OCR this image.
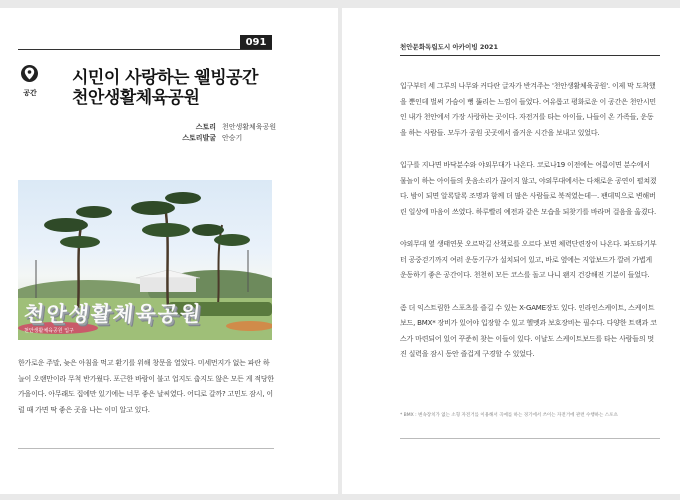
091
공간
시민이 사랑하는 웰빙공간
천안생활체육공원
스토리 천안생활체육공원
스토리발굴 안승기
천안생활체육공원
천안생활체육공원 입구

한가로운 주말, 늦은 아침을 먹고 환기를 위해 창문을 열었다. 미세먼지가 없는 파란 하늘이 오랜만이라 무척 반가웠다. 포근한 바람이 불고 업지도 춥지도 않은 모든 게 적당한 가을이다. 아무래도 집에만 있기에는 너무 좋은 날씨였다. 어디로 갈까? 고민도 잠시, 이럴 때 가면 딱 좋은 곳을 나는 이미 알고 있다.

천안문화독립도시 아카이빙 2021

입구부터 세 그루의 나무와 커다란 글자가 반겨주는 '천안생활체육공원'. 이제 막 도착했을 뿐인데 벌써 가슴이 뻥 뚫리는 느낌이 들었다. 여유롭고 평화로운 이 공간은 천안시민인 내가 천안에서 가장 사랑하는 곳이다. 자전거를 타는 아이들, 나들이 온 가족들, 운동을 하는 사람들. 모두가 공원 곳곳에서 즐거운 시간을 보내고 있었다.

입구를 지나면 바닥분수와 야외무대가 나온다. 코로나19 이전에는 여름이면 분수에서 물놀이 하는 아이들의 웃음소리가 끊이지 않고, 야외무대에서는 다채로운 공연이 펼쳐졌다. 밤이 되면 알록달록 조명과 함께 더 많은 사람들로 북적였는데···. 팬데믹으로 변해버린 일상에 마음이 쓰였다. 하루빨리 예전과 같은 모습을 되찾기를 바라며 걸음을 옮겼다.

야외무대 옆 생태연못 오르막길 산책로를 오르다 보면 체력단련장이 나온다. 파도타기부터 공중걷기까지 여러 운동기구가 설치되어 있고, 바로 옆에는 지압보드가 깔려 가볍게 운동하기 좋은 공간이다. 천천히 모든 코스를 돌고 나니 왠지 건강해진 기분이 들었다.

좀 더 익스트림한 스포츠를 즐길 수 있는 X-GAME장도 있다. 인라인스케이트, 스케이트보드, BMX* 장비가 있어야 입장할 수 있고 헬멧과 보호장비는 필수다. 다양한 트랙과 코스가 마련되어 있어 꾸준히 찾는 이들이 있다. 이날도 스케이트보드를 타는 사람들의 멋진 실력을 잠시 동안 즐겁게 구경할 수 있었다.

* BMX : 변속장치가 없는 소형 자전거를 이용해서 곡예를 하는 경기에서 쓰이는 자전거에 관련 수행하는 스포츠
